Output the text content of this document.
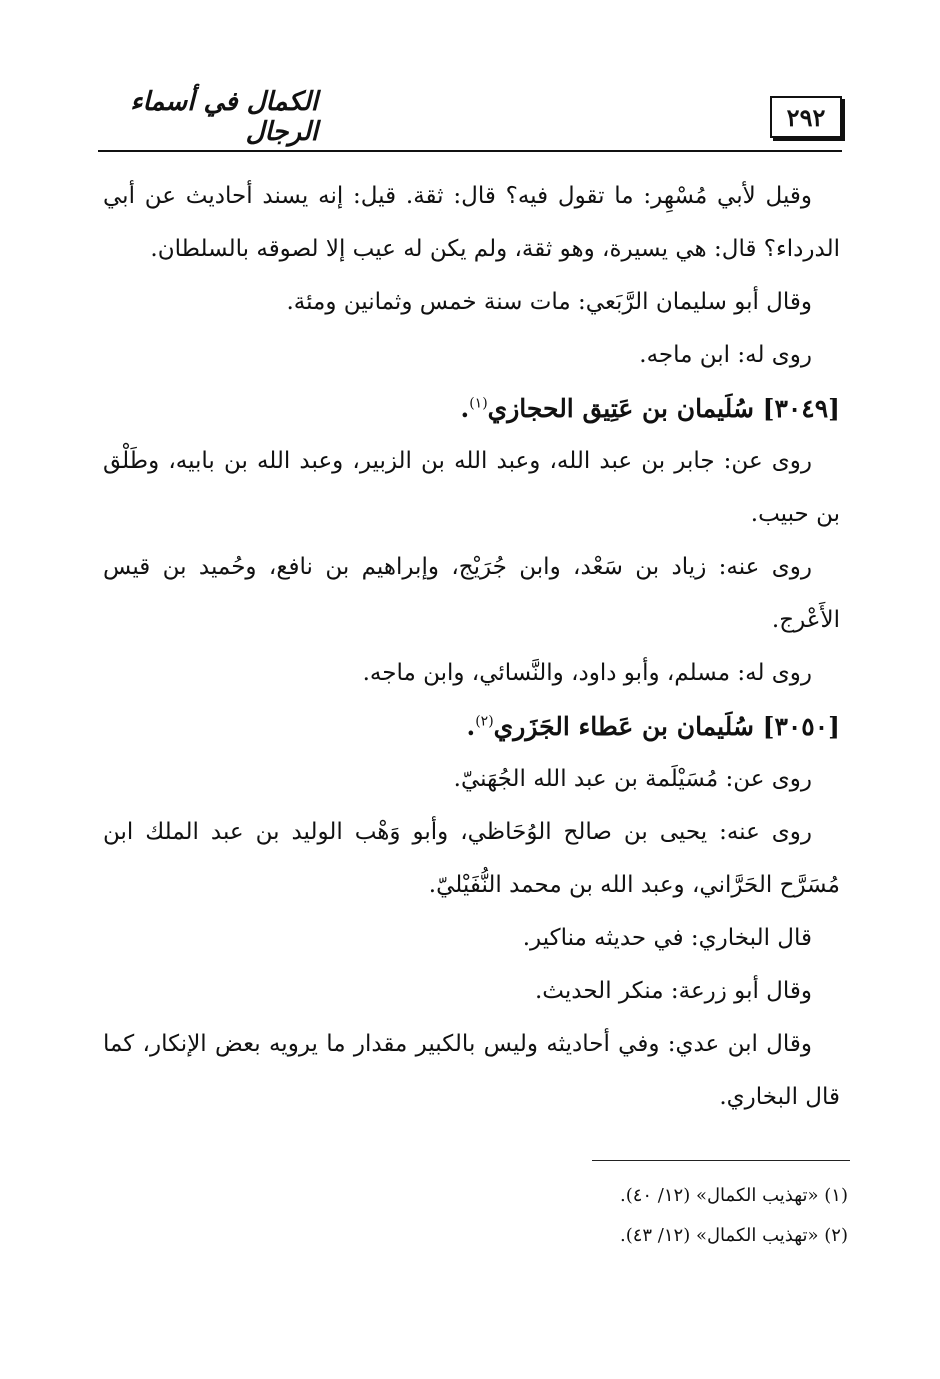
٢٩٢
الكمال في أسماء الرجال

وقيل لأبي مُسْهِر: ما تقول فيه؟ قال: ثقة. قيل: إنه يسند أحاديث عن أبي الدرداء؟ قال: هي يسيرة، وهو ثقة، ولم يكن له عيب إلا لصوقه بالسلطان.

وقال أبو سليمان الرَّبَعي: مات سنة خمس وثمانين ومئة.

روى له: ابن ماجه.

[٣٠٤٩] سُلَيمان بن عَتِيق الحجازي$^{(١)}$.

روى عن: جابر بن عبد الله، وعبد الله بن الزبير، وعبد الله بن بابيه، وطَلْق بن حبيب.

روى عنه: زياد بن سَعْد، وابن جُرَيْج، وإبراهيم بن نافع، وحُميد بن قيس الأَعْرج.

روى له: مسلم، وأبو داود، والنَّسائي، وابن ماجه.

[٣٠٥٠] سُلَيمان بن عَطاء الجَزَري$^{(٢)}$.

روى عن: مُسَيْلَمة بن عبد الله الجُهَنيّ.

روى عنه: يحيى بن صالح الوُحَاظي، وأبو وَهْب الوليد بن عبد الملك ابن مُسَرَّح الحَرَّاني، وعبد الله بن محمد النُّفَيْليّ.

قال البخاري: في حديثه مناكير.

وقال أبو زرعة: منكر الحديث.

وقال ابن عدي: وفي أحاديثه وليس بالكبير مقدار ما يرويه بعض الإنكار، كما قال البخاري.

(١) «تهذيب الكمال» (١٢/ ٤٠).

(٢) «تهذيب الكمال» (١٢/ ٤٣).
